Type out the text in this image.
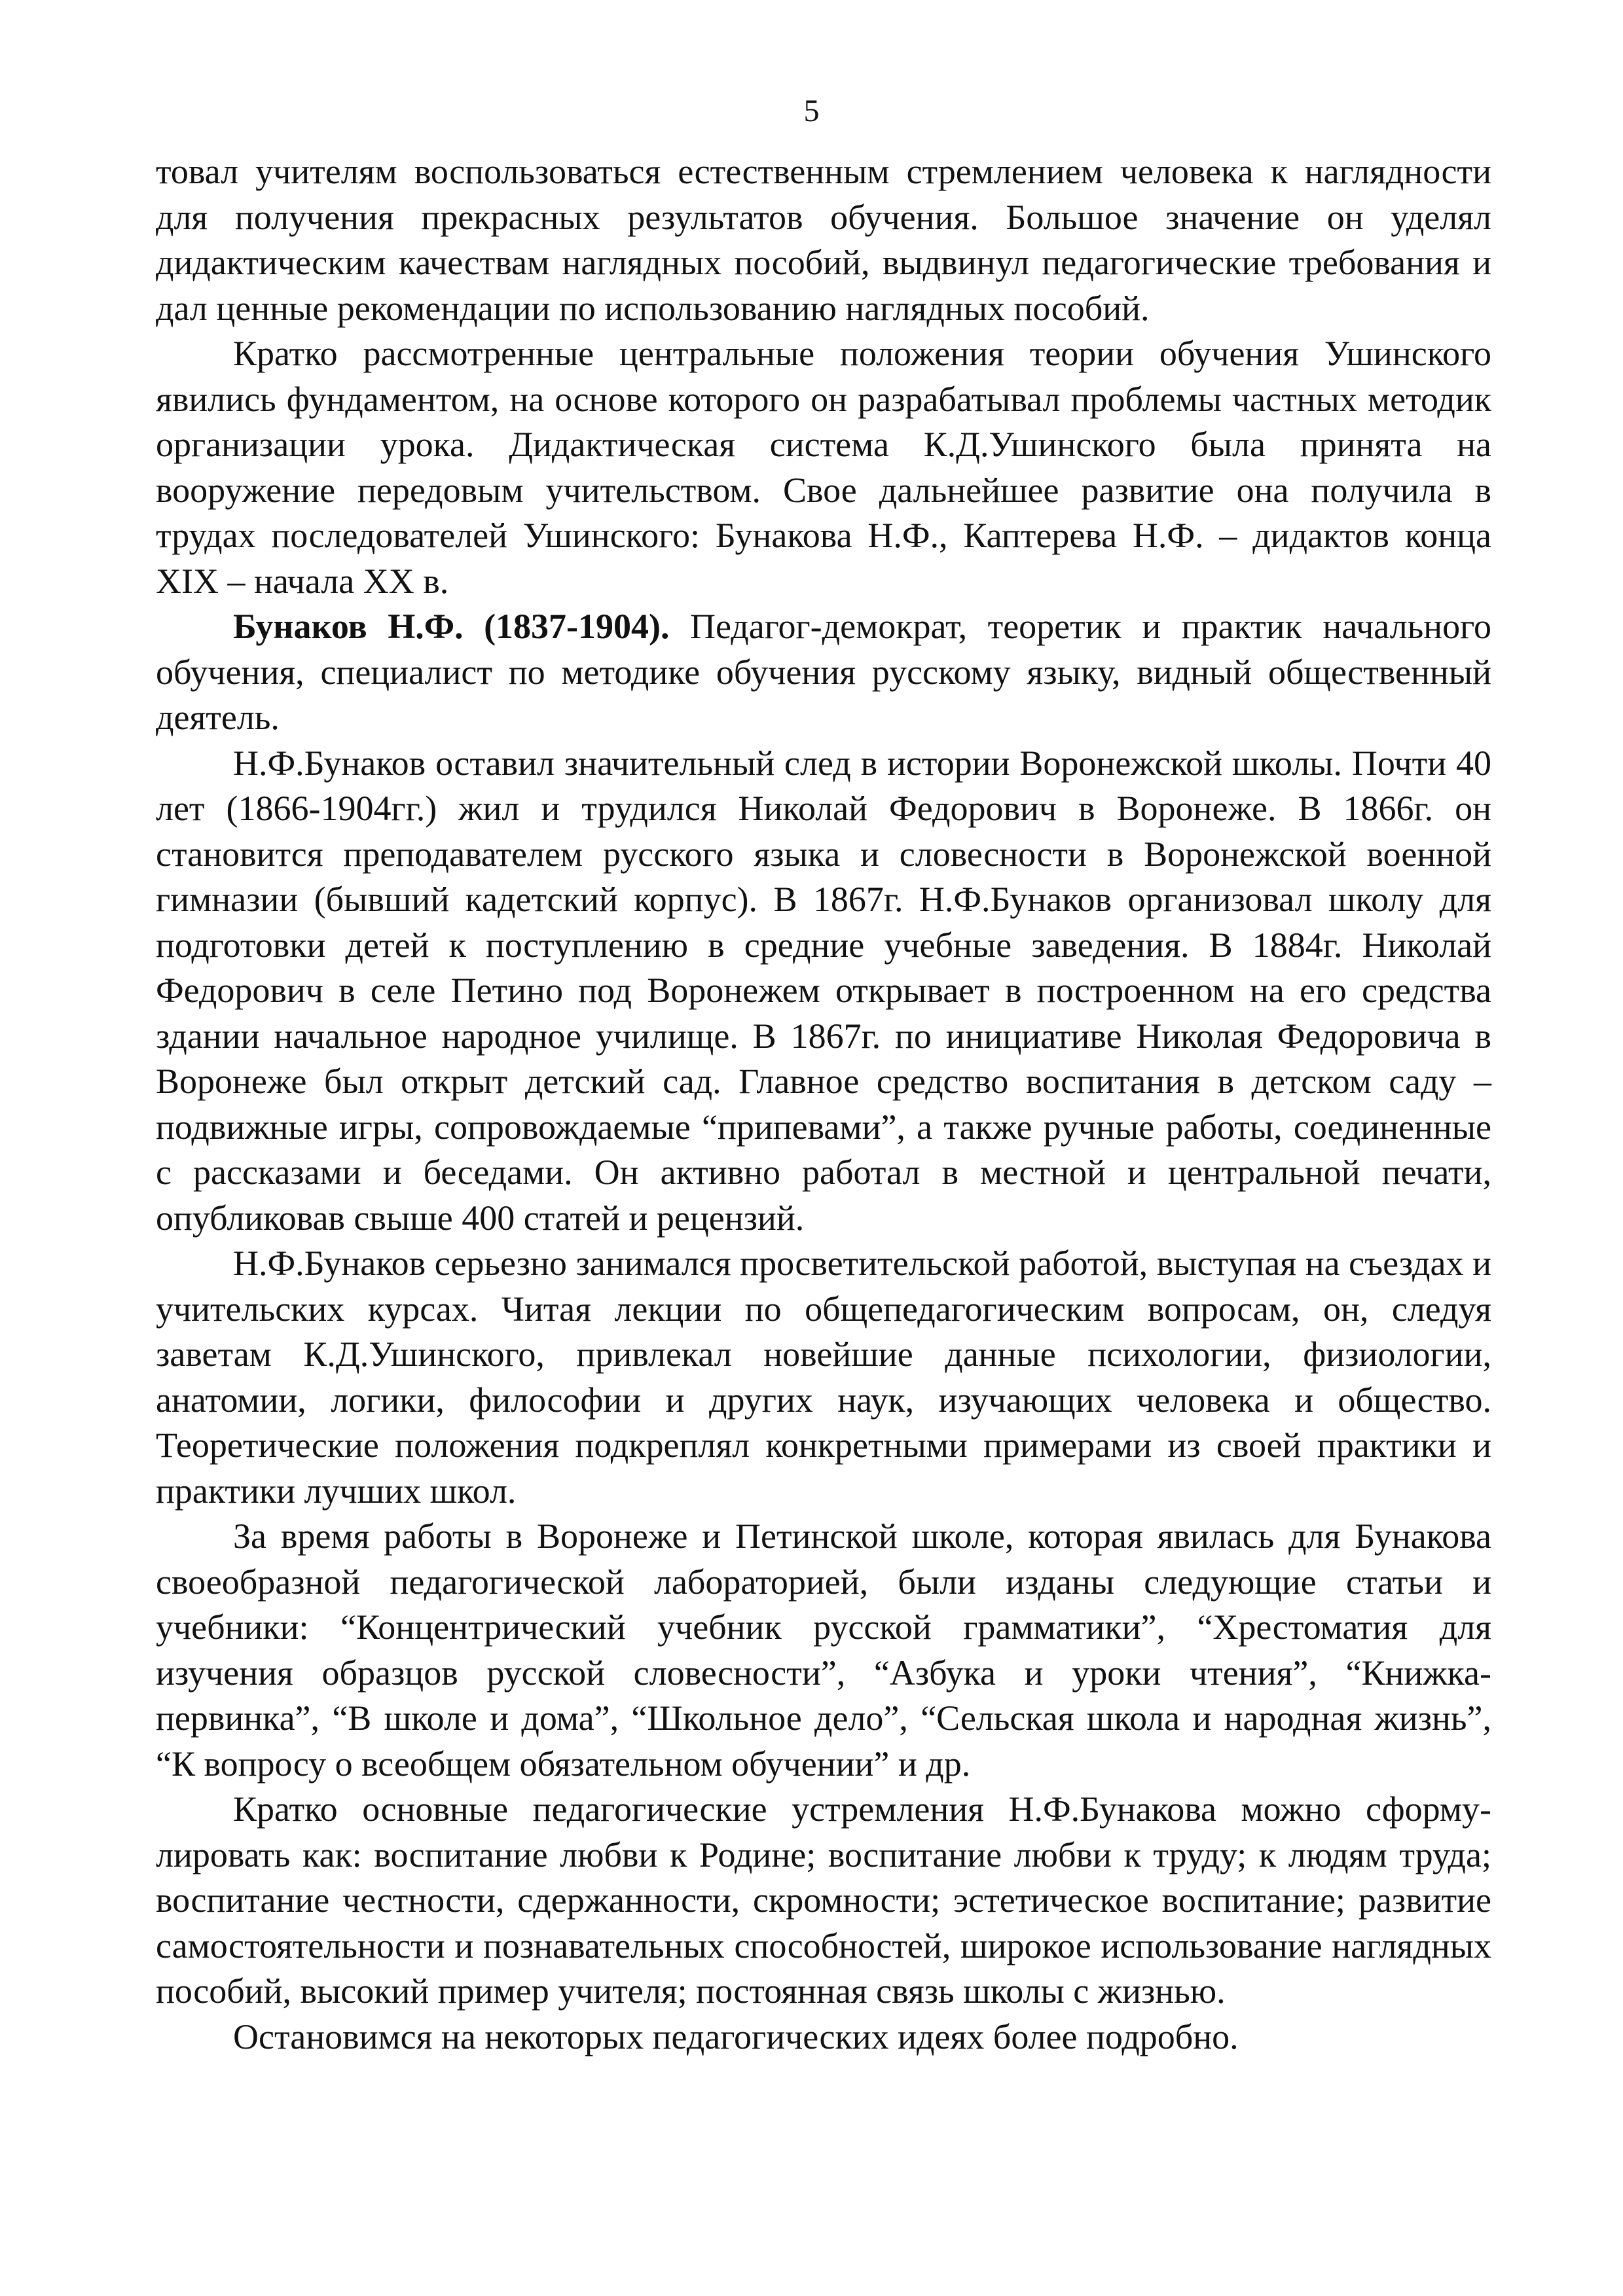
5

товал учителям воспользоваться естественным стремлением человека к наглядности для получения прекрасных результатов обучения. Большое значение он уделял дидактическим качествам наглядных пособий, выдвинул педагогические требования и дал ценные рекомендации по использованию наглядных пособий.

Кратко рассмотренные центральные положения теории обучения Ушинского явились фундаментом, на основе которого он разрабатывал проблемы частных методик организации урока. Дидактическая система К.Д.Ушинского была принята на вооружение передовым учительством. Свое дальнейшее развитие она получила в трудах последователей Ушинского: Бунакова Н.Ф., Каптерева Н.Ф. – дидактов конца XIX – начала XX в.

Бунаков Н.Ф. (1837-1904). Педагог-демократ, теоретик и практик начального обучения, специалист по методике обучения русскому языку, видный общественный деятель.

Н.Ф.Бунаков оставил значительный след в истории Воронежской школы. Почти 40 лет (1866-1904гг.) жил и трудился Николай Федорович в Воронеже. В 1866г. он становится преподавателем русского языка и словесности в Воронежской военной гимназии (бывший кадетский корпус). В 1867г. Н.Ф.Бунаков организовал школу для подготовки детей к поступлению в средние учебные заведения. В 1884г. Николай Федорович в селе Петино под Воронежем открывает в построенном на его средства здании начальное народное училище. В 1867г. по инициативе Николая Федоровича в Воронеже был открыт детский сад. Главное средство воспитания в детском саду – подвижные игры, сопровождаемые “припевами”, а также ручные работы, соединенные с рассказами и беседами. Он активно работал в местной и центральной печати, опубликовав свыше 400 статей и рецензий.

Н.Ф.Бунаков серьезно занимался просветительской работой, выступая на съездах и учительских курсах. Читая лекции по общепедагогическим вопросам, он, следуя заветам К.Д.Ушинского, привлекал новейшие данные психологии, физиологии, анатомии, логики, философии и других наук, изучающих человека и общество. Теоретические положения подкреплял конкретными примерами из своей практики и практики лучших школ.

За время работы в Воронеже и Петинской школе, которая явилась для Бунакова своеобразной педагогической лабораторией, были изданы следующие статьи и учебники: “Концентрический учебник русской грамматики”, “Хрестоматия для изучения образцов русской словесности”, “Азбука и уроки чтения”, “Книжка-первинка”, “В школе и дома”, “Школьное дело”, “Сельская школа и народная жизнь”, “К вопросу о всеобщем обязательном обучении” и др.

Кратко основные педагогические устремления Н.Ф.Бунакова можно сформулировать как: воспитание любви к Родине; воспитание любви к труду; к людям труда; воспитание честности, сдержанности, скромности; эстетическое воспитание; развитие самостоятельности и познавательных способностей, широкое использование наглядных пособий, высокий пример учителя; постоянная связь школы с жизнью.

Остановимся на некоторых педагогических идеях более подробно.
